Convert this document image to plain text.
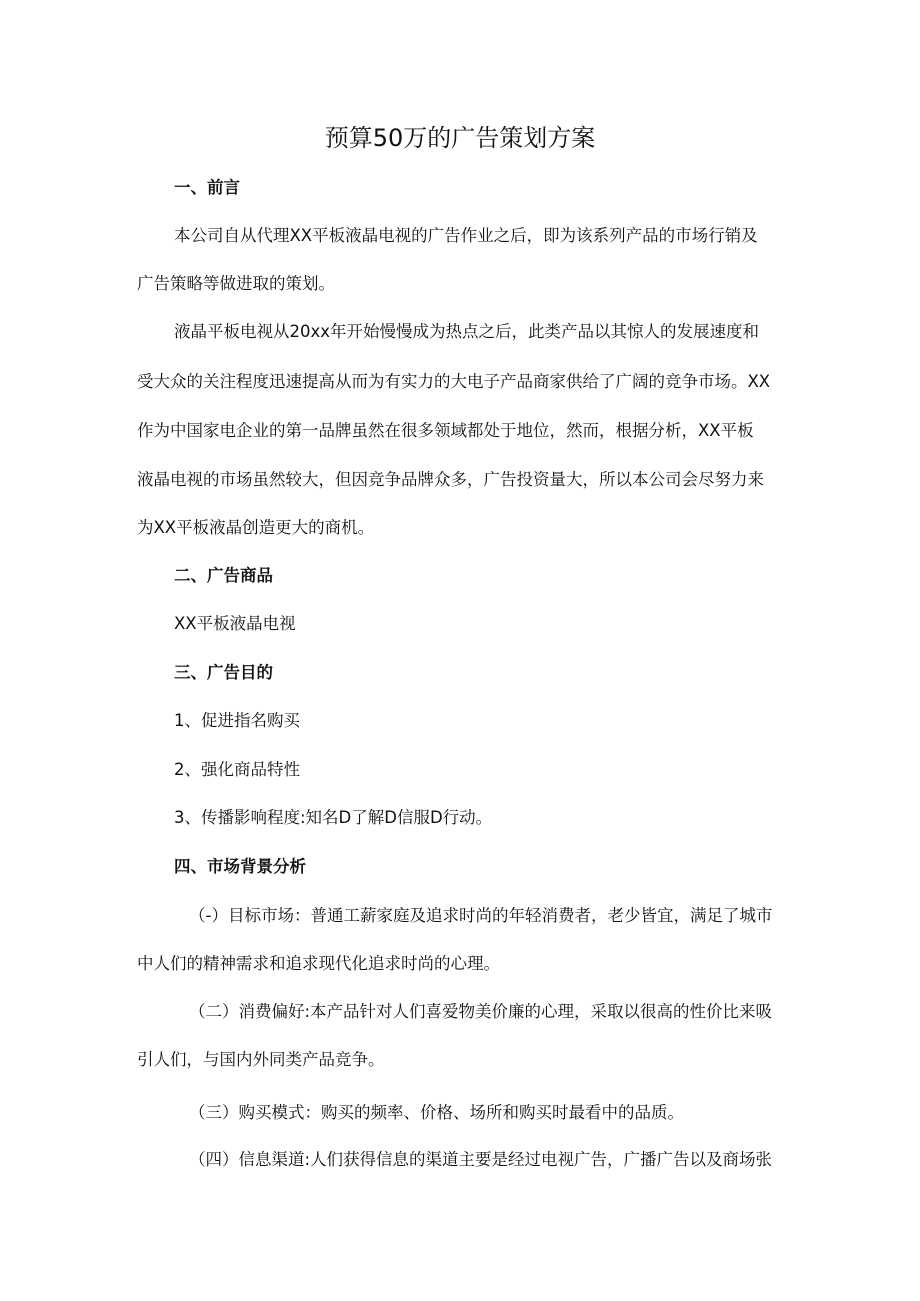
预算50万的广告策划方案

一、前言

本公司自从代理XX平板液晶电视的广告作业之后，即为该系列产品的市场行销及

广告策略等做进取的策划。

液晶平板电视从20xx年开始慢慢成为热点之后，此类产品以其惊人的发展速度和

受大众的关注程度迅速提高从而为有实力的大电子产品商家供给了广阔的竞争市场。XX

作为中国家电企业的第一品牌虽然在很多领域都处于地位，然而，根据分析，XX平板

液晶电视的市场虽然较大，但因竞争品牌众多，广告投资量大，所以本公司会尽努力来

为XX平板液晶创造更大的商机。

二、广告商品

XX平板液晶电视

三、广告目的

1、促进指名购买

2、强化商品特性

3、传播影响程度:知名D了解D信服D行动。

四、市场背景分析

（-）目标市场：普通工薪家庭及追求时尚的年轻消费者，老少皆宜，满足了城市

中人们的精神需求和追求现代化追求时尚的心理。

（二）消费偏好:本产品针对人们喜爱物美价廉的心理，采取以很高的性价比来吸

引人们，与国内外同类产品竞争。

（三）购买模式：购买的频率、价格、场所和购买时最看中的品质。

（四）信息渠道:人们获得信息的渠道主要是经过电视广告，广播广告以及商场张
